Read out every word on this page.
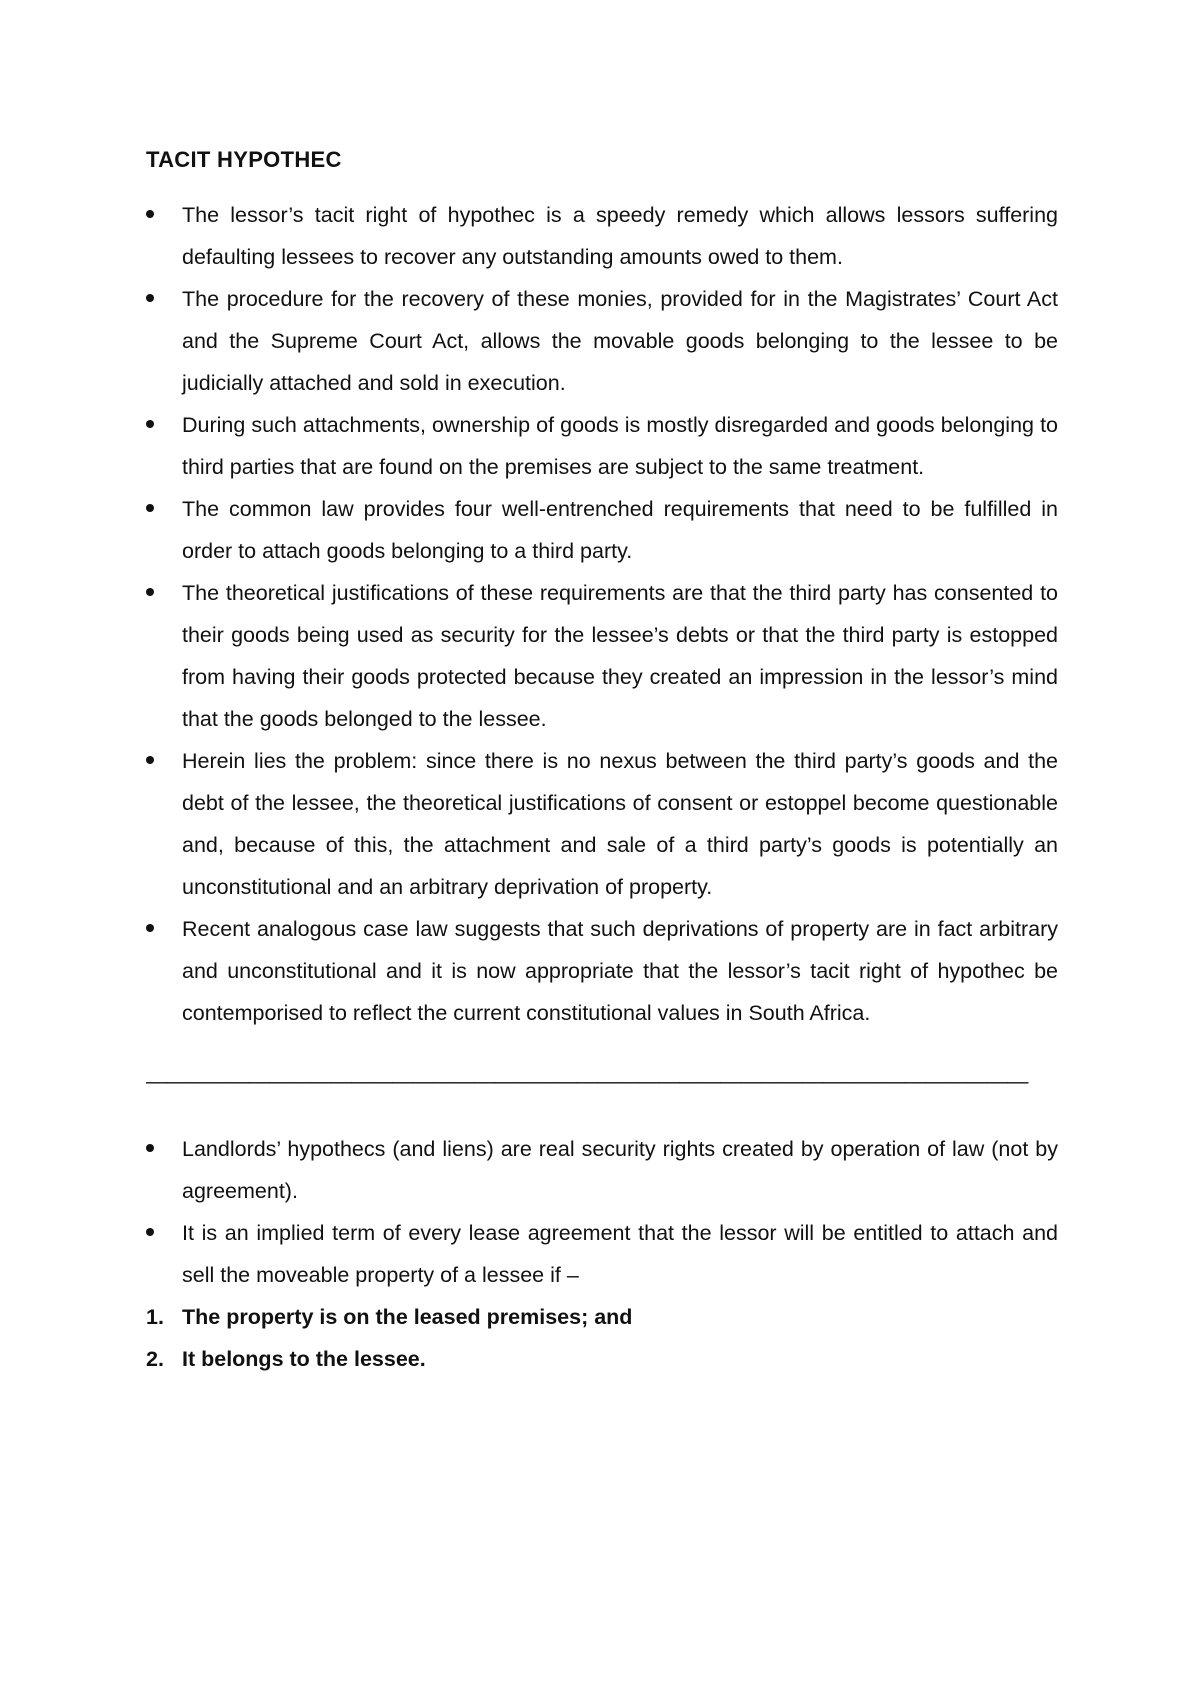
TACIT HYPOTHEC
The lessor’s tacit right of hypothec is a speedy remedy which allows lessors suffering defaulting lessees to recover any outstanding amounts owed to them.
The procedure for the recovery of these monies, provided for in the Magistrates’ Court Act and the Supreme Court Act, allows the movable goods belonging to the lessee to be judicially attached and sold in execution.
During such attachments, ownership of goods is mostly disregarded and goods belonging to third parties that are found on the premises are subject to the same treatment.
The common law provides four well-entrenched requirements that need to be fulfilled in order to attach goods belonging to a third party.
The theoretical justifications of these requirements are that the third party has consented to their goods being used as security for the lessee’s debts or that the third party is estopped from having their goods protected because they created an impression in the lessor’s mind that the goods belonged to the lessee.
Herein lies the problem: since there is no nexus between the third party’s goods and the debt of the lessee, the theoretical justifications of consent or estoppel become questionable and, because of this, the attachment and sale of a third party’s goods is potentially an unconstitutional and an arbitrary deprivation of property.
Recent analogous case law suggests that such deprivations of property are in fact arbitrary and unconstitutional and it is now appropriate that the lessor’s tacit right of hypothec be contemporised to reflect the current constitutional values in South Africa.
———————————————————————————————————————————
Landlords’ hypothecs (and liens) are real security rights created by operation of law (not by agreement).
It is an implied term of every lease agreement that the lessor will be entitled to attach and sell the moveable property of a lessee if –
1. The property is on the leased premises; and
2. It belongs to the lessee.
